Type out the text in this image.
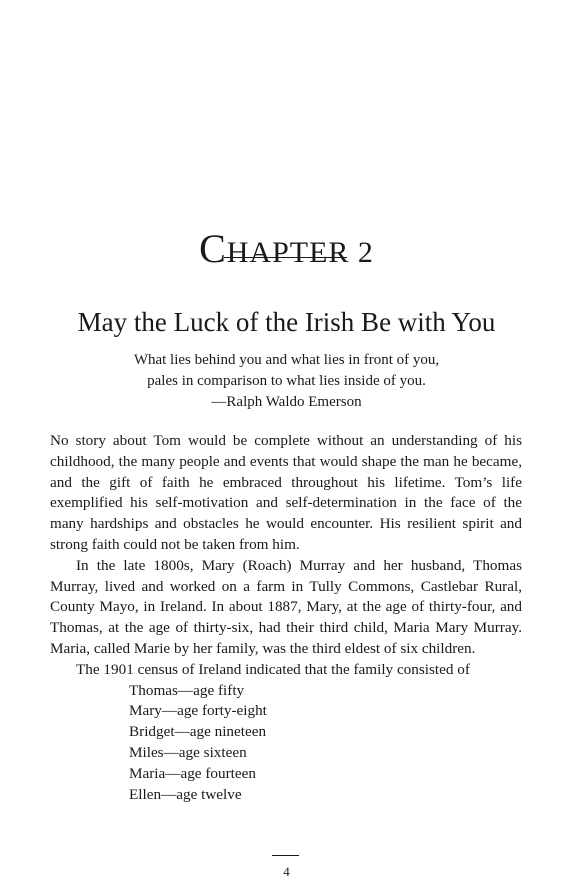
CHAPTER 2
May the Luck of the Irish Be with You
What lies behind you and what lies in front of you,
pales in comparison to what lies inside of you.
—Ralph Waldo Emerson

No story about Tom would be complete without an understanding of his childhood, the many people and events that would shape the man he became, and the gift of faith he embraced throughout his lifetime. Tom’s life exemplified his self-motivation and self-determination in the face of the many hardships and obstacles he would encounter. His resilient spirit and strong faith could not be taken from him.

In the late 1800s, Mary (Roach) Murray and her husband, Thomas Murray, lived and worked on a farm in Tully Commons, Castlebar Rural, County Mayo, in Ireland. In about 1887, Mary, at the age of thirty-four, and Thomas, at the age of thirty-six, had their third child, Maria Mary Murray. Maria, called Marie by her family, was the third eldest of six children.

The 1901 census of Ireland indicated that the family consisted of

Thomas—age fifty
Mary—age forty-eight
Bridget—age nineteen
Miles—age sixteen
Maria—age fourteen
Ellen—age twelve
4
